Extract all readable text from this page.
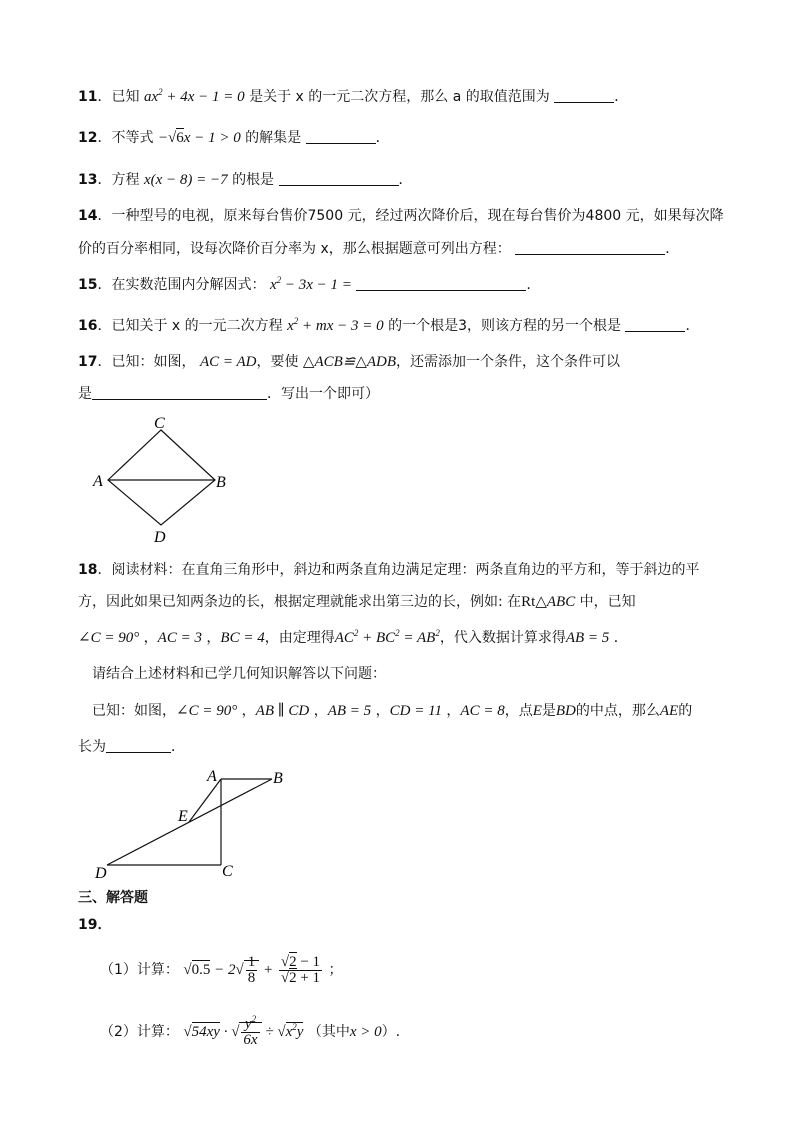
11．已知 $ax^2 + 4x - 1 = 0$ 是关于 x 的一元二次方程，那么 a 的取值范围为	．
12．不等式 −√6x − 1 > 0 的解集是	．
13．方程 x(x − 8) = −7 的根是	．
14．一种型号的电视，原来每台售价7500 元，经过两次降价后，现在每台售价为4800 元，如果每次降
价的百分率相同，设每次降价百分率为 x，那么根据题意可列出方程：	．
15．在实数范围内分解因式： $x^2 - 3x - 1$ =	.
16．已知关于 x 的一元二次方程 $x^2$ + mx − 3 = 0 的一个根是3，则该方程的另一个根是	．
17．已知：如图， AC = AD，要使 △ACB≌△ADB，还需添加一个条件，这个条件可以
是	．写出一个即可）
C
A	B
D
18．阅读材料：在直角三角形中，斜边和两条直角边满足定理：两条直角边的平方和，等于斜边的平
方，因此如果已知两条边的长，根据定理就能求出第三边的长，例如: 在Rt△ABC 中，已知
∠C = 90° ，AC = 3 ，BC = 4，由定理得$AC^2 + BC^2 = AB^2$，代入数据计算求得AB = 5 ．
请结合上述材料和已学几何知识解答以下问题：
已知：如图，∠C = 90° ，AB ∥ CD ，AB = 5 ，CD = 11 ，AC = 8，点E是BD的中点，那么AE的
长为	．
A	B
E
D	C
三、解答题
19．
（1）计算： $√0.5 - 2√ \frac{1}{8} + \frac{√2 - 1}{√2 + 1}$ ；
（2）计算： √54xy · √ $\frac{y^2}{6x} \div √x^2y$ （其中x > 0）.
